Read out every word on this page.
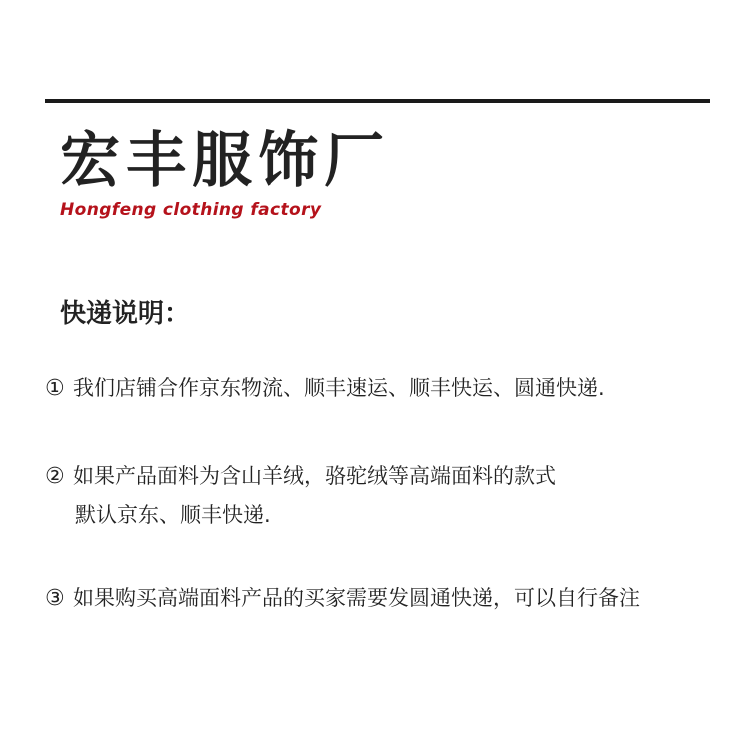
宏丰服饰厂
Hongfeng clothing factory
快递说明：
① 我们店铺合作京东物流、顺丰速运、顺丰快运、圆通快递.
② 如果产品面料为含山羊绒，骆驼绒等高端面料的款式
默认京东、顺丰快递.
③ 如果购买高端面料产品的买家需要发圆通快递，可以自行备注
